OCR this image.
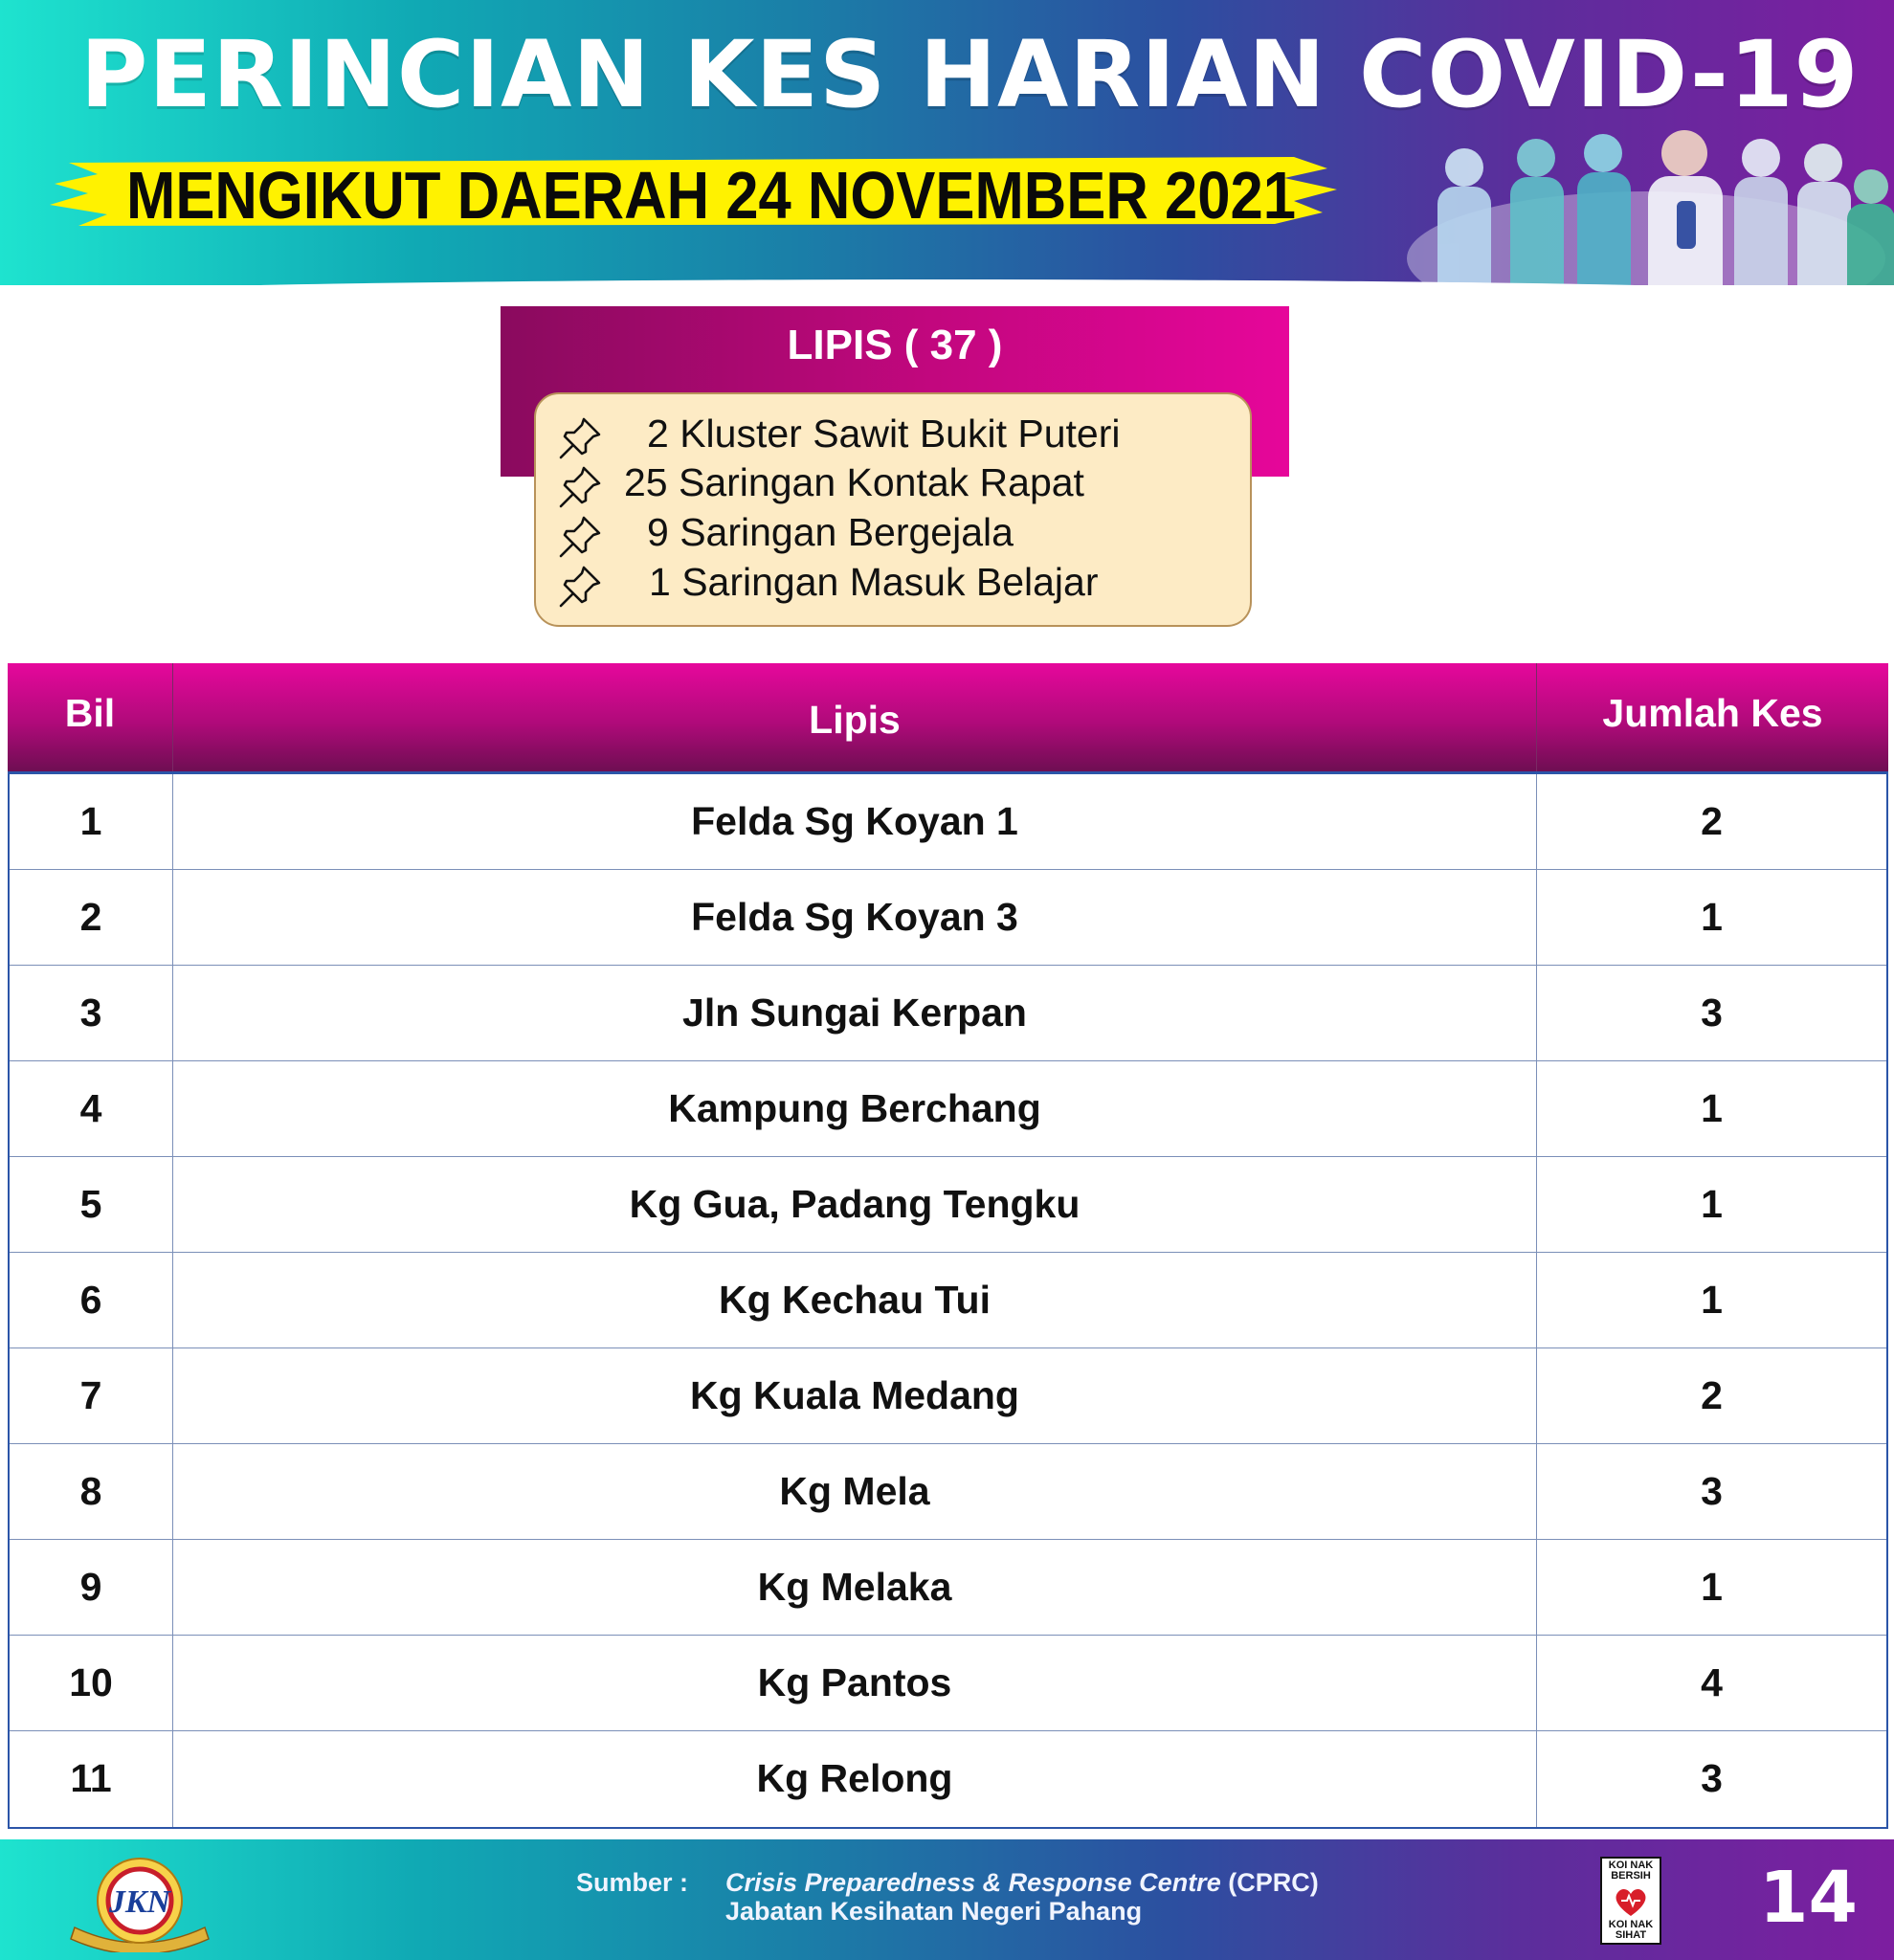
PERINCIAN KES HARIAN COVID-19
MENGIKUT DAERAH 24 NOVEMBER 2021
LIPIS ( 37 )
2 Kluster Sawit Bukit Puteri
25 Saringan Kontak Rapat
9 Saringan Bergejala
1 Saringan Masuk Belajar
Bil	Lipis	Jumlah Kes
1	Felda Sg Koyan 1	2
2	Felda Sg Koyan 3	1
3	Jln Sungai Kerpan	3
4	Kampung Berchang	1
5	Kg Gua, Padang Tengku	1
6	Kg Kechau Tui	1
7	Kg Kuala Medang	2
8	Kg Mela	3
9	Kg Melaka	1
10	Kg Pantos	4
11	Kg Relong	3
JKN
Sumber : Crisis Preparedness & Response Centre (CPRC)
Jabatan Kesihatan Negeri Pahang
KOI NAK BERSIH
KOI NAK SIHAT 14
